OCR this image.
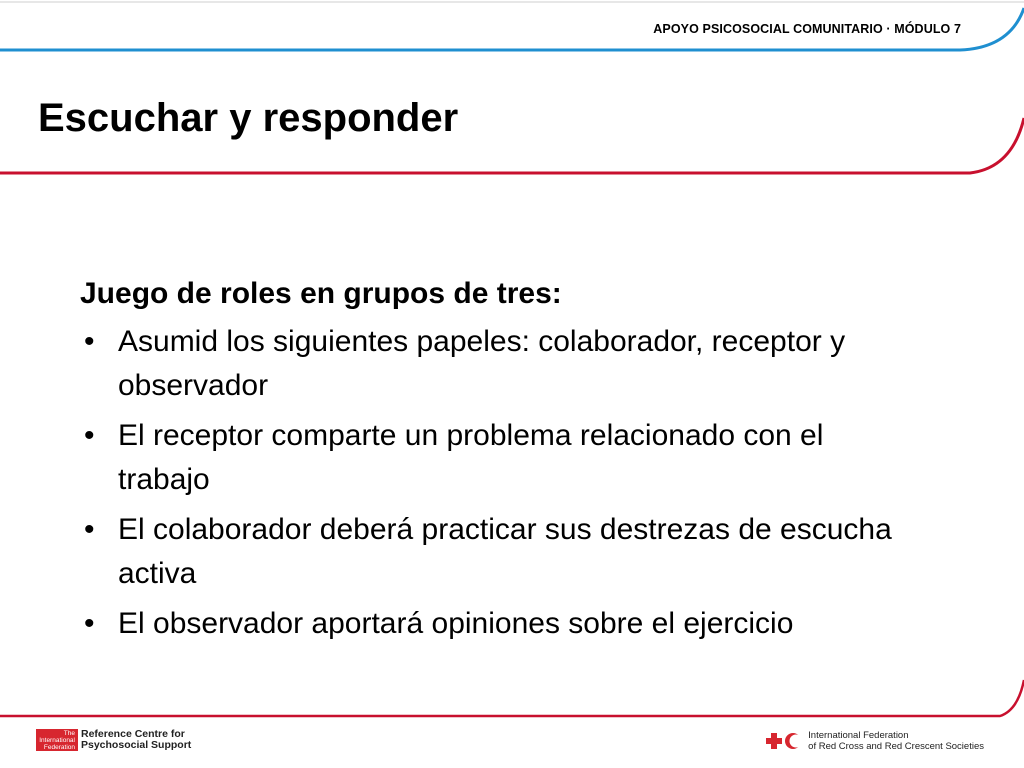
APOYO PSICOSOCIAL COMUNITARIO · MÓDULO 7
Escuchar y responder

Juego de roles en grupos de tres:

• Asumid los siguientes papeles: colaborador, receptor y observador
• El receptor comparte un problema relacionado con el trabajo
• El colaborador deberá practicar sus destrezas de escucha activa
• El observador aportará opiniones sobre el ejercicio
The
International
Federation
Reference Centre for
Psychosocial Support
International Federation
of Red Cross and Red Crescent Societies
